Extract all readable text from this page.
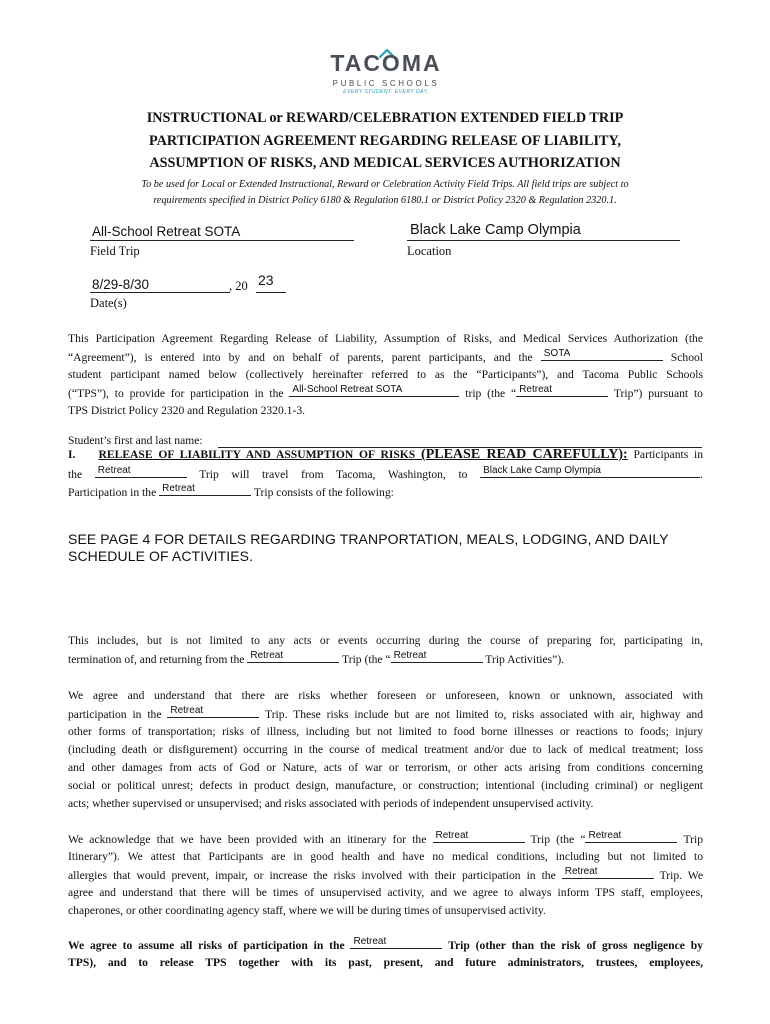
TACOMA
PUBLIC SCHOOLS
EVERY STUDENT. EVERY DAY.
INSTRUCTIONAL or REWARD/CELEBRATION EXTENDED FIELD TRIP
PARTICIPATION AGREEMENT REGARDING RELEASE OF LIABILITY,
ASSUMPTION OF RISKS, AND MEDICAL SERVICES AUTHORIZATION
To be used for Local or Extended Instructional, Reward or Celebration Activity Field Trips. All field trips are subject to
requirements specified in District Policy 6180 & Regulation 6180.1 or District Policy 2320 & Regulation 2320.1.
All-School Retreat SOTA
Field Trip
Black Lake Camp Olympia
Location
8/29-8/30	, 20 23
Date(s)
This Participation Agreement Regarding Release of Liability, Assumption of Risks, and Medical Services Authorization (the
“Agreement”), is entered into by and on behalf of parents, parent participants, and the SOTA	School
student participant named below (collectively hereinafter referred to as the “Participants”), and Tacoma Public Schools
(“TPS”), to provide for participation in the All-School Retreat SOTA	trip (the “ Retreat	Trip”) pursuant to
TPS District Policy 2320 and Regulation 2320.1-3.
Student’s first and last name:
I. RELEASE OF LIABILITY AND ASSUMPTION OF RISKS (PLEASE READ CAREFULLY): Participants in
the Retreat	Trip will travel from Tacoma, Washington, to Black Lake Camp Olympia	.
Participation in the Retreat	Trip consists of the following:
SEE PAGE 4 FOR DETAILS REGARDING TRANPORTATION, MEALS, LODGING, AND DAILY SCHEDULE OF ACTIVITIES.
This includes, but is not limited to any acts or events occurring during the course of preparing for, participating in,
termination of, and returning from the Retreat	Trip (the “ Retreat	Trip Activities”).
We agree and understand that there are risks whether foreseen or unforeseen, known or unknown, associated with
participation in the Retreat	Trip. These risks include but are not limited to, risks associated with air, highway and
other forms of transportation; risks of illness, including but not limited to food borne illnesses or reactions to foods; injury
(including death or disfigurement) occurring in the course of medical treatment and/or due to lack of medical treatment; loss
and other damages from acts of God or Nature, acts of war or terrorism, or other acts arising from conditions concerning
social or political unrest; defects in product design, manufacture, or construction; intentional (including criminal) or negligent
acts; whether supervised or unsupervised; and risks associated with periods of independent unsupervised activity.
We acknowledge that we have been provided with an itinerary for the Retreat	Trip (the “ Retreat	Trip
Itinerary”). We attest that Participants are in good health and have no medical conditions, including but not limited to
allergies that would prevent, impair, or increase the risks involved with their participation in the Retreat	Trip. We
agree and understand that there will be times of unsupervised activity, and we agree to always inform TPS staff, employees,
chaperones, or other coordinating agency staff, where we will be during times of unsupervised activity.
We agree to assume all risks of participation in the Retreat	Trip (other than the risk of gross negligence by
TPS), and to release TPS together with its past, present, and future administrators, trustees, employees,
